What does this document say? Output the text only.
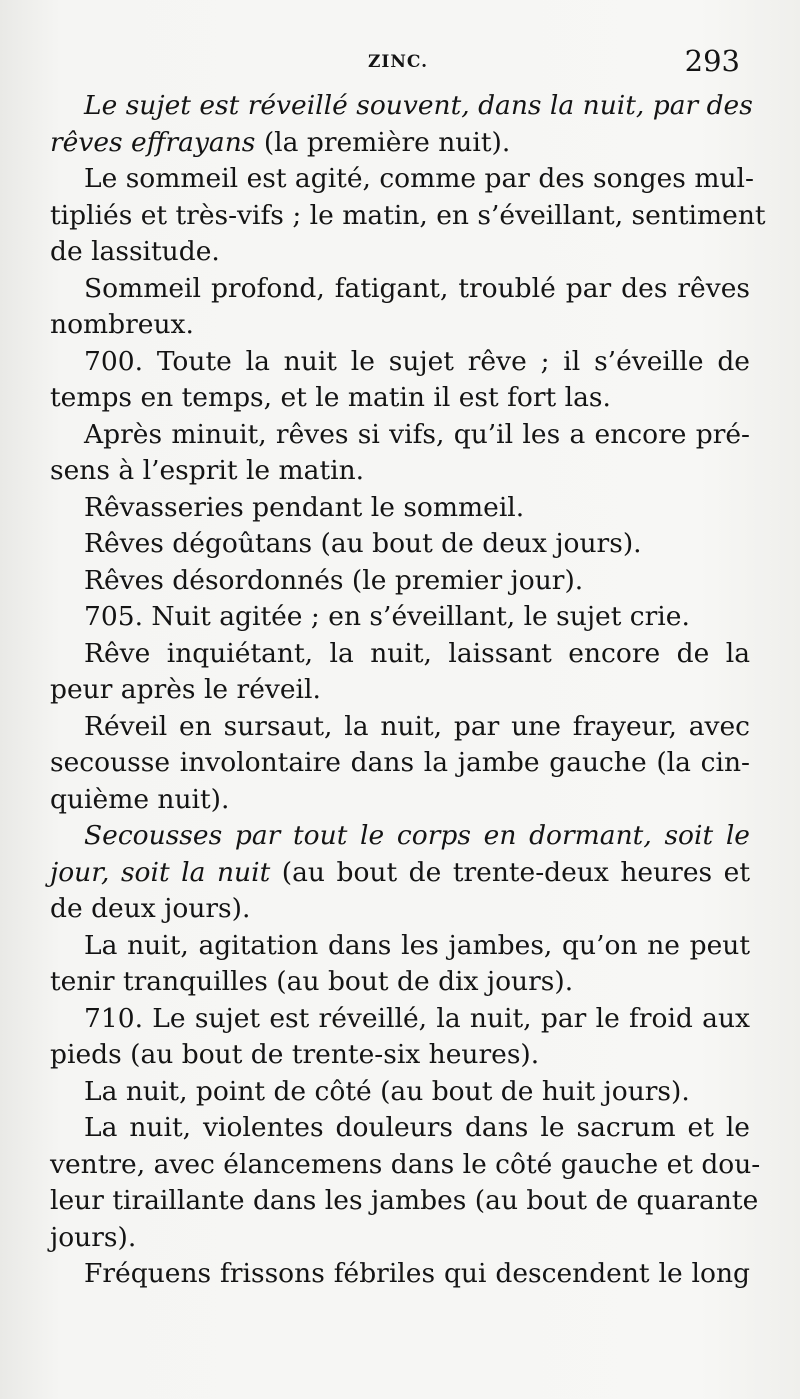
ZINC.	293
Le sujet est réveillé souvent, dans la nuit, par des
rêves effrayans (la première nuit).
Le sommeil est agité, comme par des songes mul-
tipliés et très-vifs ; le matin, en s’éveillant, sentiment
de lassitude.
Sommeil profond, fatigant, troublé par des rêves
nombreux.
700. Toute la nuit le sujet rêve ; il s’éveille de
temps en temps, et le matin il est fort las.
Après minuit, rêves si vifs, qu’il les a encore pré-
sens à l’esprit le matin.
Rêvasseries pendant le sommeil.
Rêves dégoûtans (au bout de deux jours).
Rêves désordonnés (le premier jour).
705. Nuit agitée ; en s’éveillant, le sujet crie.
Rêve inquiétant, la nuit, laissant encore de la
peur après le réveil.
Réveil en sursaut, la nuit, par une frayeur, avec
secousse involontaire dans la jambe gauche (la cin-
quième nuit).
Secousses par tout le corps en dormant, soit le
jour, soit la nuit (au bout de trente-deux heures et
de deux jours).
La nuit, agitation dans les jambes, qu’on ne peut
tenir tranquilles (au bout de dix jours).
710. Le sujet est réveillé, la nuit, par le froid aux
pieds (au bout de trente-six heures).
La nuit, point de côté (au bout de huit jours).
La nuit, violentes douleurs dans le sacrum et le
ventre, avec élancemens dans le côté gauche et dou-
leur tiraillante dans les jambes (au bout de quarante
jours).
Fréquens frissons fébriles qui descendent le long
